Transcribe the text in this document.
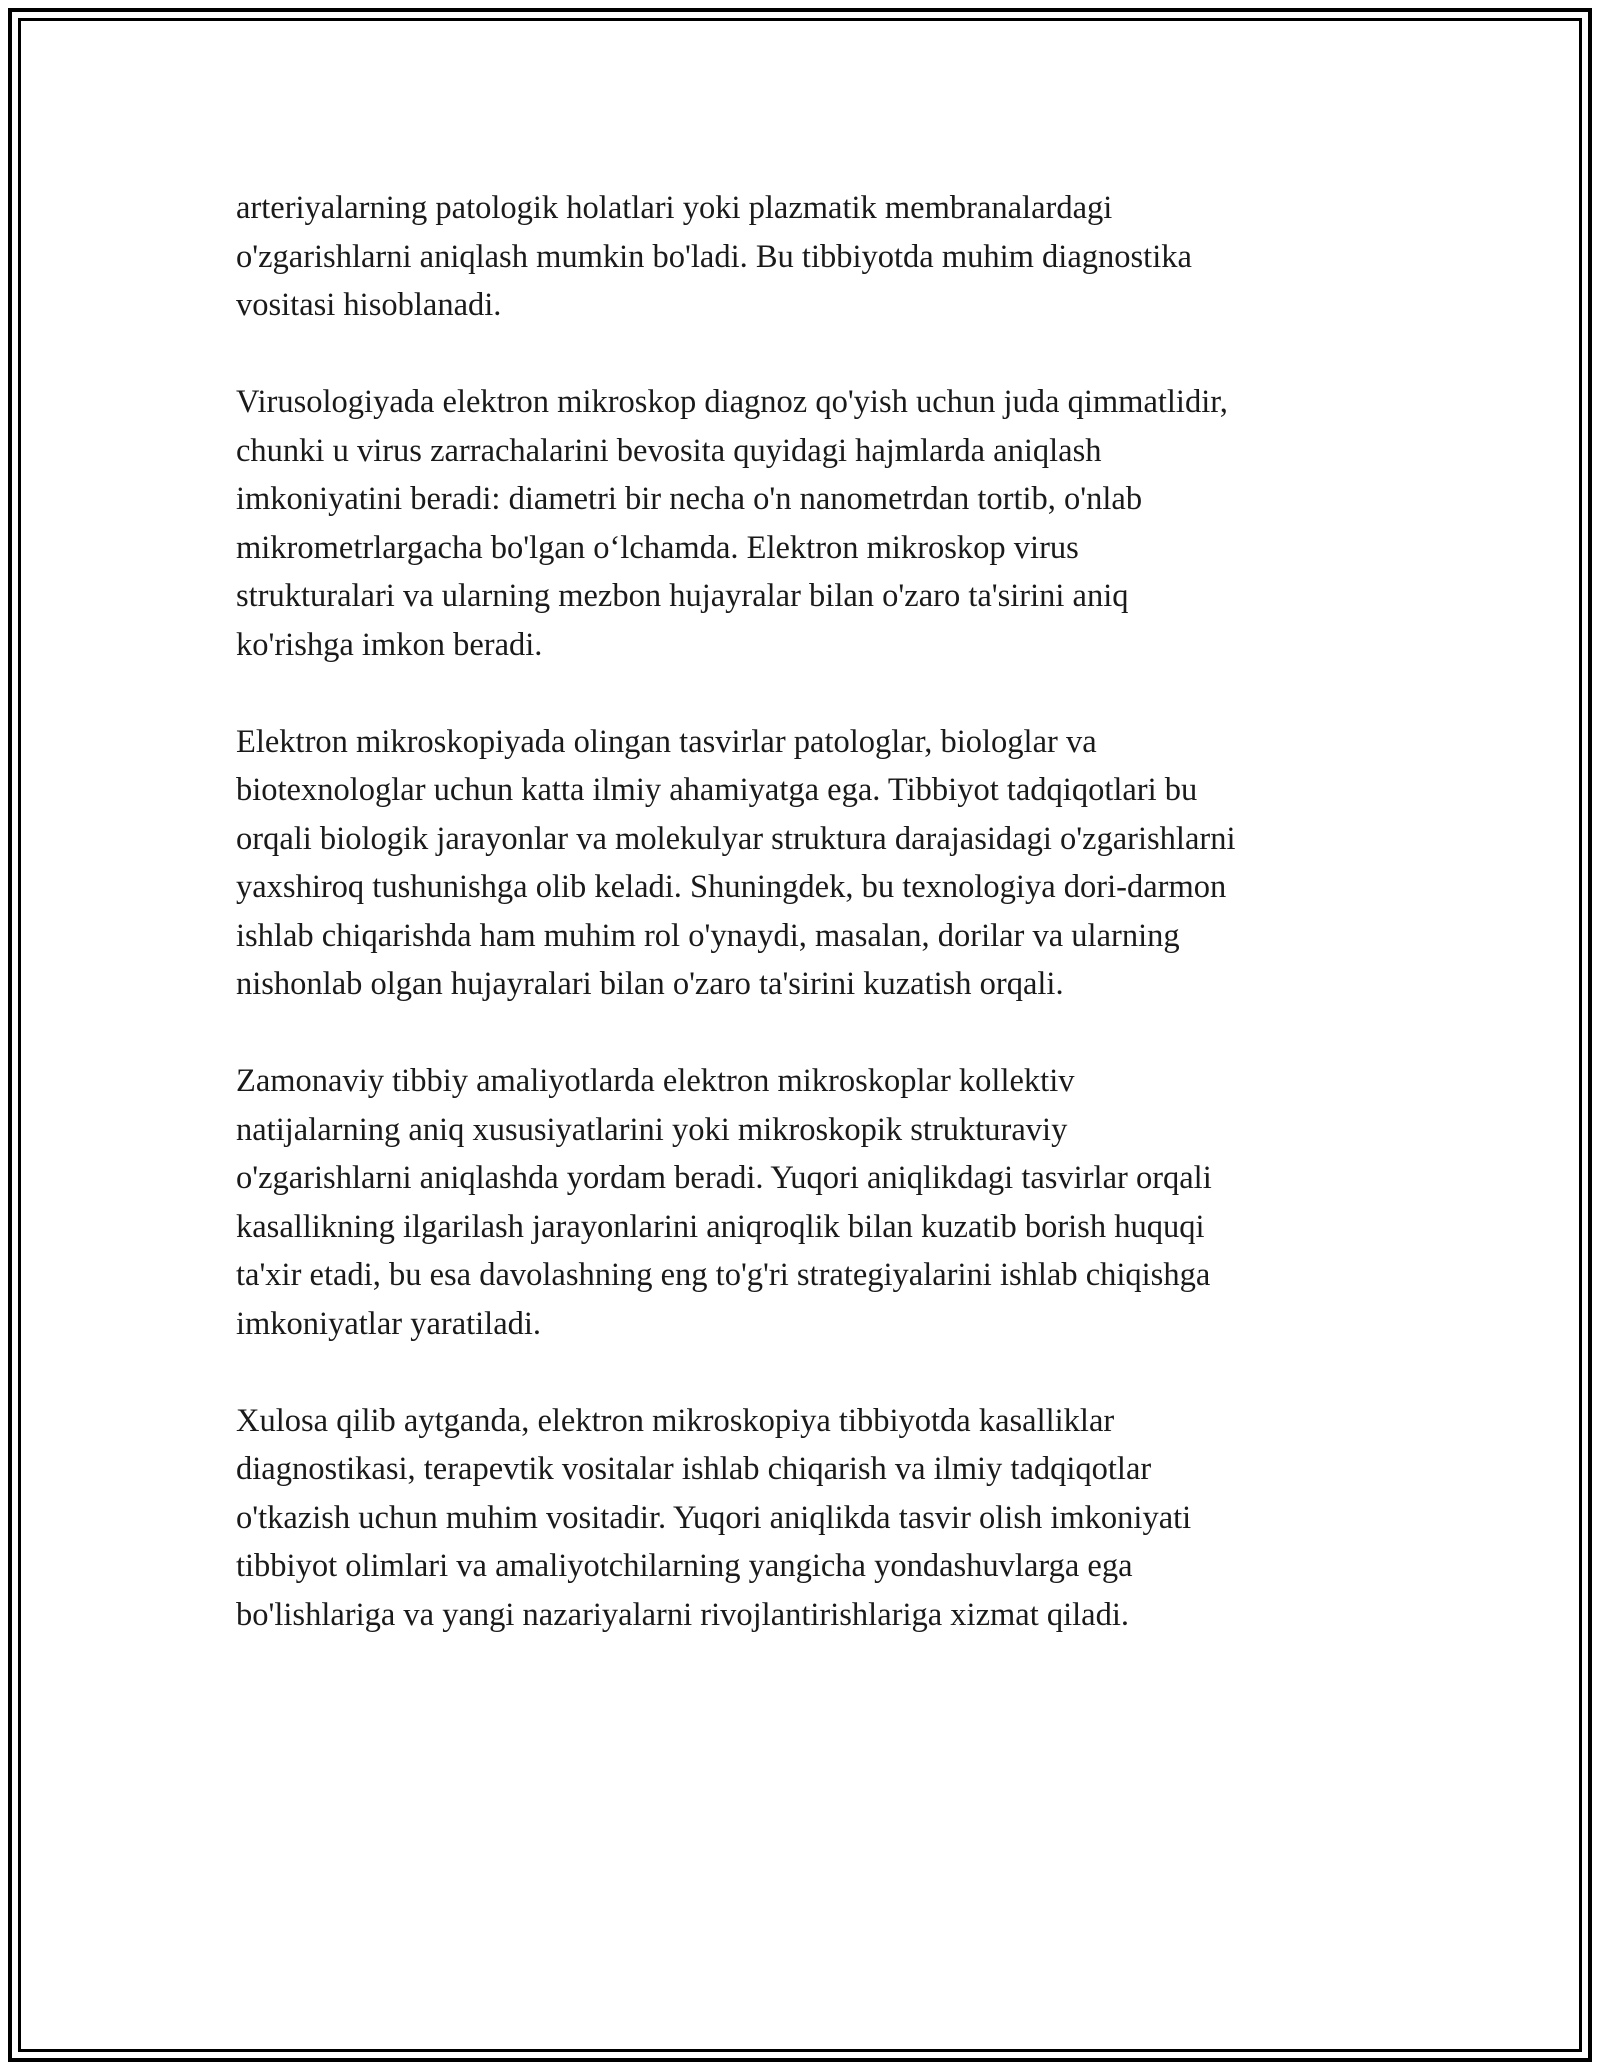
arteriyalarning patologik holatlari yoki plazmatik membranalardagi
o'zgarishlarni aniqlash mumkin bo'ladi. Bu tibbiyotda muhim diagnostika
vositasi hisoblanadi.

Virusologiyada elektron mikroskop diagnoz qo'yish uchun juda qimmatlidir,
chunki u virus zarrachalarini bevosita quyidagi hajmlarda aniqlash
imkoniyatini beradi: diametri bir necha o'n nanometrdan tortib, o'nlab
mikrometrlargacha bo'lgan o‘lchamda. Elektron mikroskop virus
strukturalari va ularning mezbon hujayralar bilan o'zaro ta'sirini aniq
ko'rishga imkon beradi.

Elektron mikroskopiyada olingan tasvirlar patologlar, biologlar va
biotexnologlar uchun katta ilmiy ahamiyatga ega. Tibbiyot tadqiqotlari bu
orqali biologik jarayonlar va molekulyar struktura darajasidagi o'zgarishlarni
yaxshiroq tushunishga olib keladi. Shuningdek, bu texnologiya dori-darmon
ishlab chiqarishda ham muhim rol o'ynaydi, masalan, dorilar va ularning
nishonlab olgan hujayralari bilan o'zaro ta'sirini kuzatish orqali.

Zamonaviy tibbiy amaliyotlarda elektron mikroskoplar kollektiv
natijalarning aniq xususiyatlarini yoki mikroskopik strukturaviy
o'zgarishlarni aniqlashda yordam beradi. Yuqori aniqlikdagi tasvirlar orqali
kasallikning ilgarilash jarayonlarini aniqroqlik bilan kuzatib borish huquqi
ta'xir etadi, bu esa davolashning eng to'g'ri strategiyalarini ishlab chiqishga
imkoniyatlar yaratiladi.

Xulosa qilib aytganda, elektron mikroskopiya tibbiyotda kasalliklar
diagnostikasi, terapevtik vositalar ishlab chiqarish va ilmiy tadqiqotlar
o'tkazish uchun muhim vositadir. Yuqori aniqlikda tasvir olish imkoniyati
tibbiyot olimlari va amaliyotchilarning yangicha yondashuvlarga ega
bo'lishlariga va yangi nazariyalarni rivojlantirishlariga xizmat qiladi.
